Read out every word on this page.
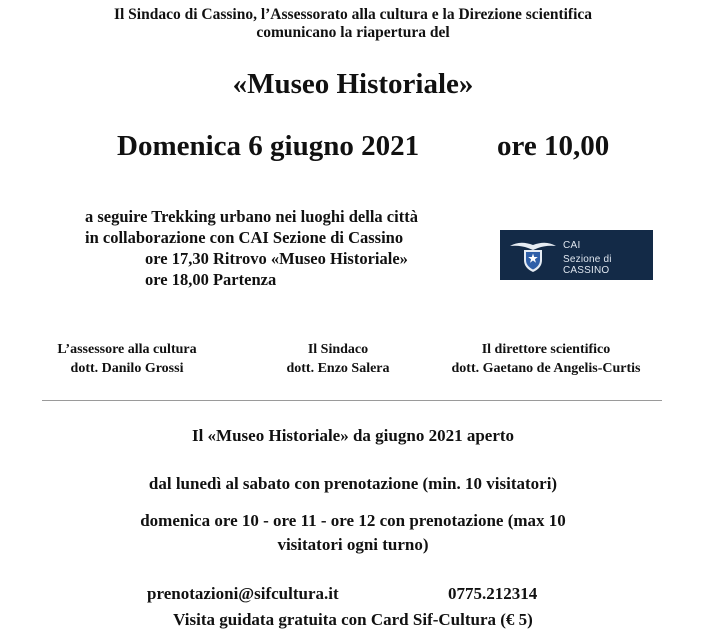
Il Sindaco di Cassino, l’Assessorato alla cultura e la Direzione scientifica
comunicano la riapertura del
«Museo Historiale»
Domenica 6 giugno 2021	ore 10,00
a seguire Trekking urbano nei luoghi della città
in collaborazione con CAI Sezione di Cassino
ore 17,30 Ritrovo «Museo Historiale»
ore 18,00 Partenza
CAI
Sezione di CASSINO
L’assessore alla cultura
dott. Danilo Grossi
Il Sindaco
dott. Enzo Salera
Il direttore scientifico
dott. Gaetano de Angelis-Curtis
Il «Museo Historiale» da giugno 2021 aperto
dal lunedì al sabato con prenotazione (min. 10 visitatori)
domenica ore 10 - ore 11 - ore 12 con prenotazione (max 10
visitatori ogni turno)
prenotazioni@sifcultura.it	0775.212314
Visita guidata gratuita con Card Sif-Cultura (€ 5)
